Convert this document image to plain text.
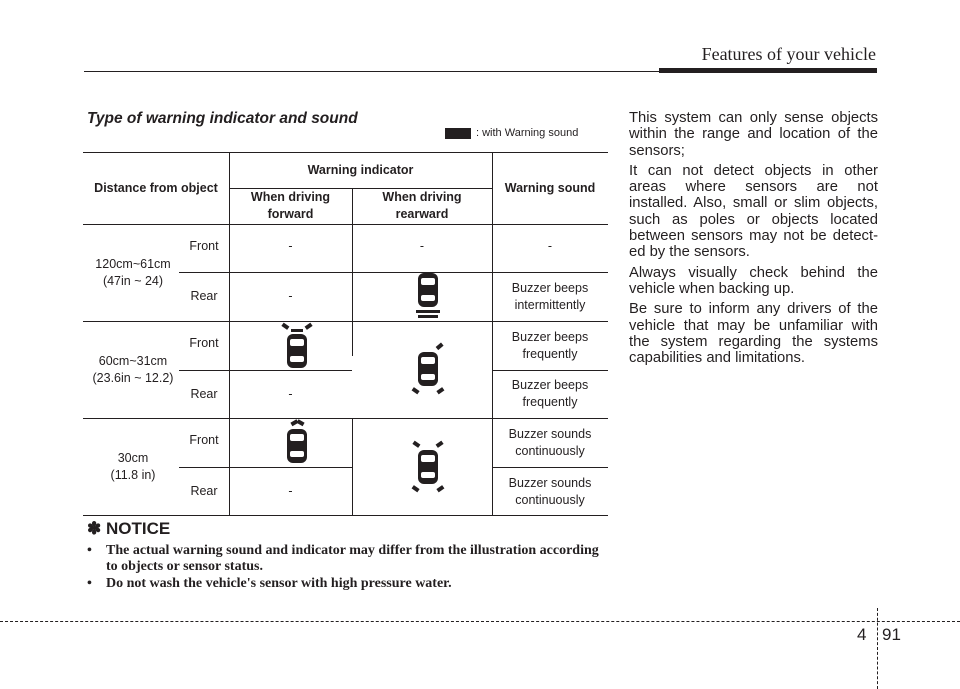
Features of your vehicle
Type of warning indicator and sound
: with Warning sound
Distance from object
Warning indicator
When driving
forward
When driving
rearward
Warning sound
120cm~61cm
(47in ~ 24)
60cm~31cm
(23.6in ~ 12.2)
30cm
(11.8 in)
Front
Rear
Front
Rear
Front
Rear
-
-
-
-
-	-
Buzzer beeps
intermittently
Buzzer beeps
frequently
Buzzer beeps
frequently
Buzzer sounds
continuously
Buzzer sounds
continuously
✽ NOTICE
• The actual warning sound and indicator may differ from the illustration according to objects or sensor status.
• Do not wash the vehicle's sensor with high pressure water.

This system can only sense objects within the range and location of the sensors;

It can not detect objects in other areas where sensors are not installed. Also, small or slim objects, such as poles or objects located between sensors may not be detect-ed by the sensors.

Always visually check behind the vehicle when backing up.

Be sure to inform any drivers of the vehicle that may be unfamiliar with the system regarding the systems capabilities and limitations.

4 91
